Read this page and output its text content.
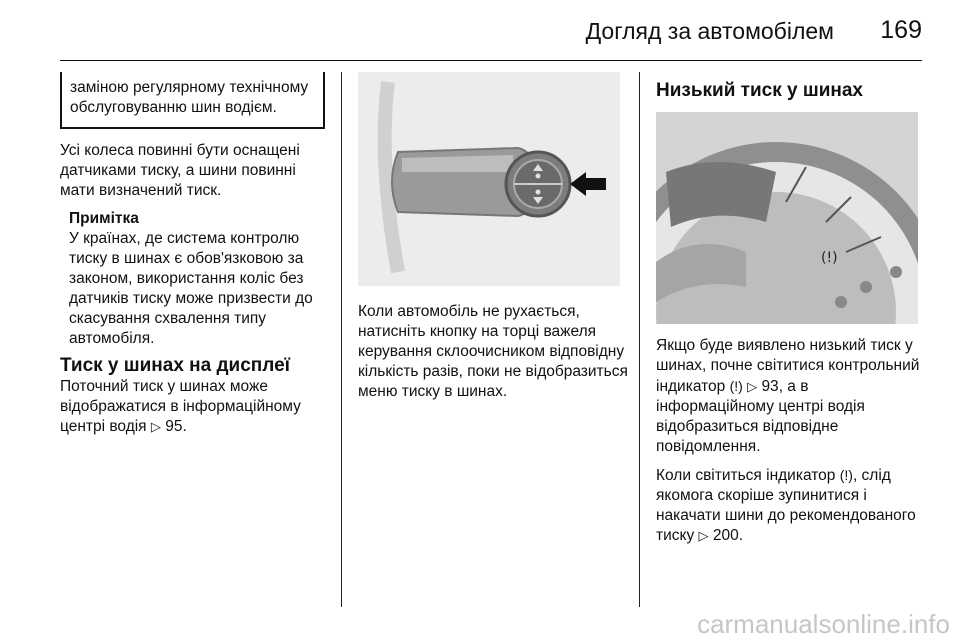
Догляд за автомобілем 169

заміною регулярному технічному обслуговуванню шин водієм.

Усі колеса повинні бути оснащені датчиками тиску, а шини повинні мати визначений тиск.

Примітка

У країнах, де система контролю тиску в шинах є обов'язковою за законом, використання коліс без датчиків тиску може призвести до скасування схвалення типу автомобіля.

Тиск у шинах на дисплеї

Поточний тиск у шинах може відображатися в інформаційному центрі водія ▷ 95.

Коли автомобіль не рухається, натисніть кнопку на торці важеля керування склоочисником відповідну кількість разів, поки не відобразиться меню тиску в шинах.

Низький тиск у шинах
(!)

Якщо буде виявлено низький тиск у шинах, почне світитися контрольний індикатор (!) ▷ 93, а в інформаційному центрі водія відобразиться відповідне повідомлення.

Коли світиться індикатор (!), слід якомога скоріше зупинитися і накачати шини до рекомендованого тиску ▷ 200.

carmanualsonline.info
